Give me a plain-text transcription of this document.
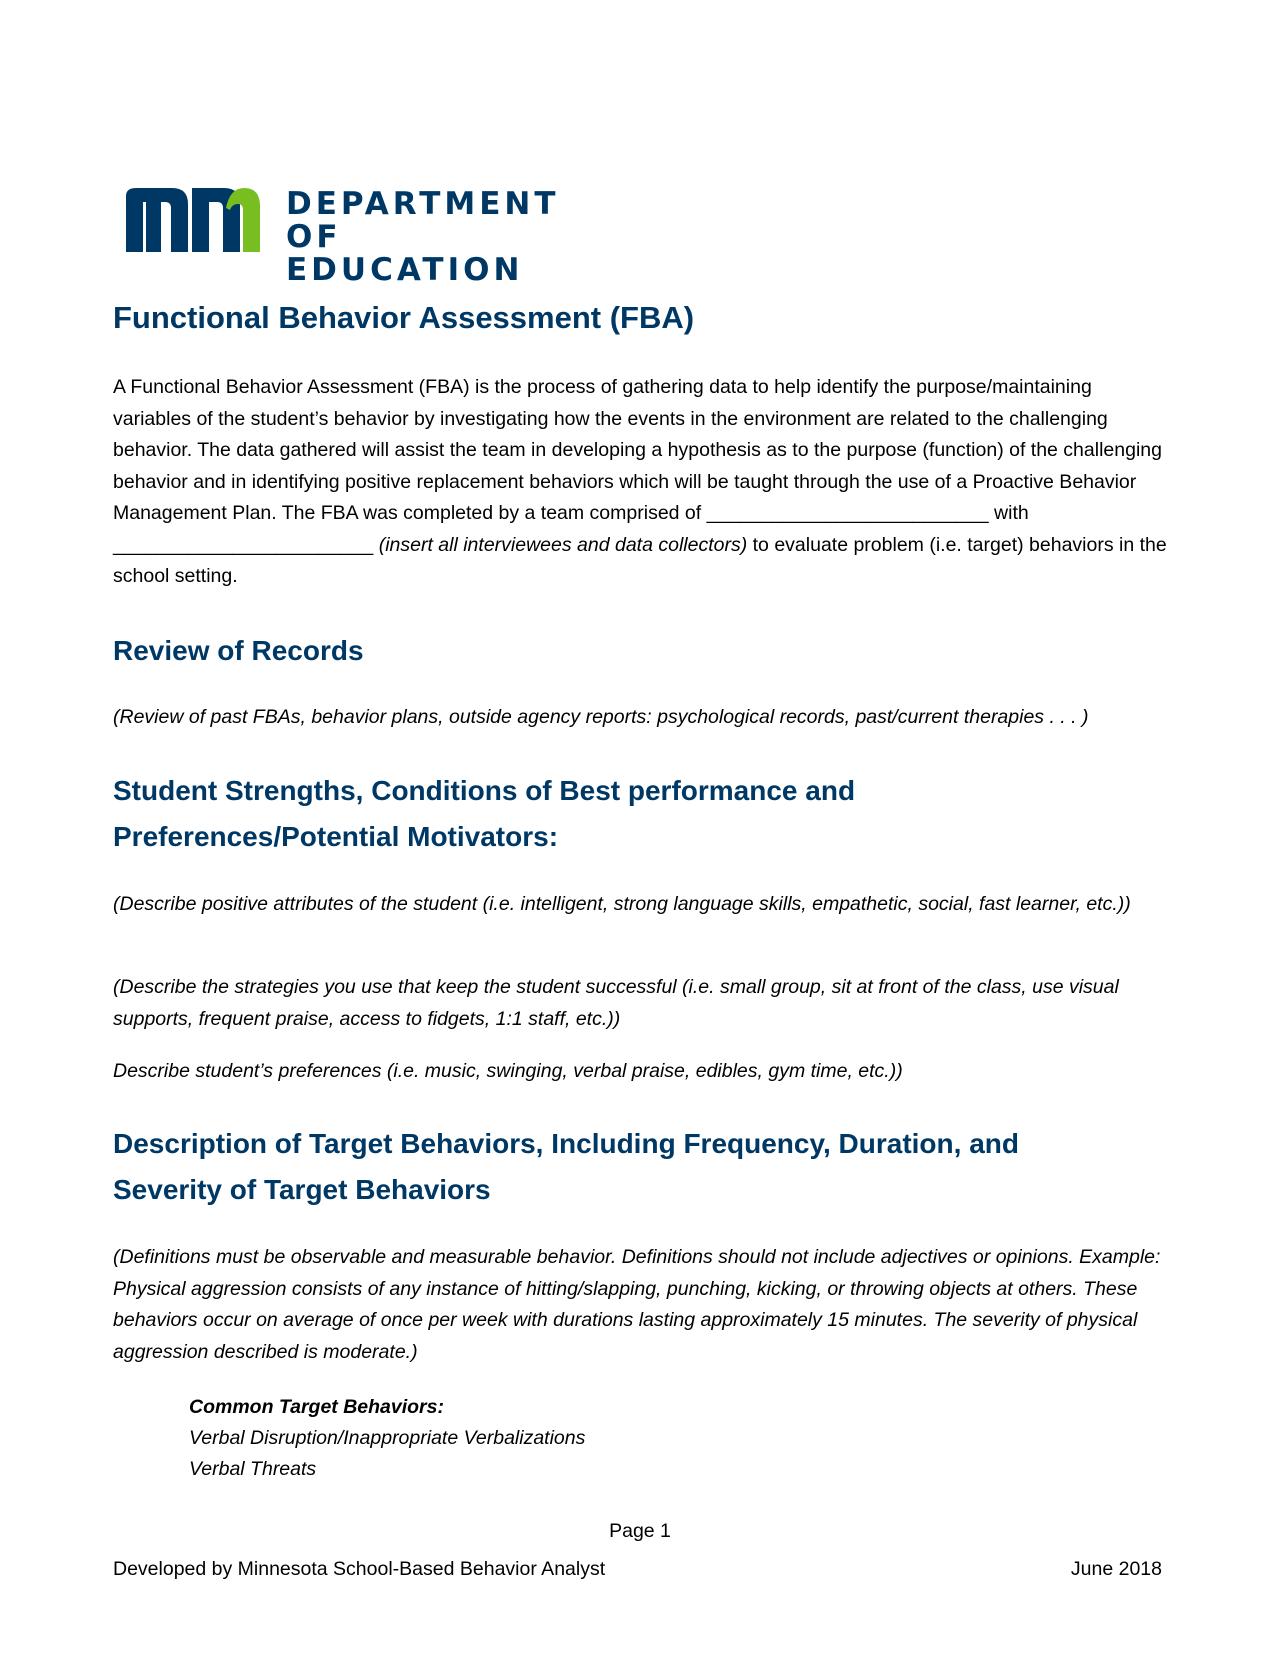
DEPARTMENT
OF EDUCATION
Functional Behavior Assessment (FBA)

A Functional Behavior Assessment (FBA) is the process of gathering data to help identify the purpose/maintaining variables of the student’s behavior by investigating how the events in the environment are related to the challenging behavior. The data gathered will assist the team in developing a hypothesis as to the purpose (function) of the challenging behavior and in identifying positive replacement behaviors which will be taught through the use of a Proactive Behavior Management Plan. The FBA was completed by a team comprised of __________________________ with ________________________ (insert all interviewees and data collectors) to evaluate problem (i.e. target) behaviors in the school setting.

Review of Records

(Review of past FBAs, behavior plans, outside agency reports: psychological records, past/current therapies . . . )

Student Strengths, Conditions of Best performance and
Preferences/Potential Motivators:

(Describe positive attributes of the student (i.e. intelligent, strong language skills, empathetic, social, fast learner, etc.))

(Describe the strategies you use that keep the student successful (i.e. small group, sit at front of the class, use visual supports, frequent praise, access to fidgets, 1:1 staff, etc.))

Describe student’s preferences (i.e. music, swinging, verbal praise, edibles, gym time, etc.))

Description of Target Behaviors, Including Frequency, Duration, and
Severity of Target Behaviors

(Definitions must be observable and measurable behavior. Definitions should not include adjectives or opinions. Example: Physical aggression consists of any instance of hitting/slapping, punching, kicking, or throwing objects at others. These behaviors occur on average of once per week with durations lasting approximately 15 minutes. The severity of physical aggression described is moderate.)

Common Target Behaviors:
Verbal Disruption/Inappropriate Verbalizations
Verbal Threats
Page 1
Developed by Minnesota School-Based Behavior Analyst	June 2018
